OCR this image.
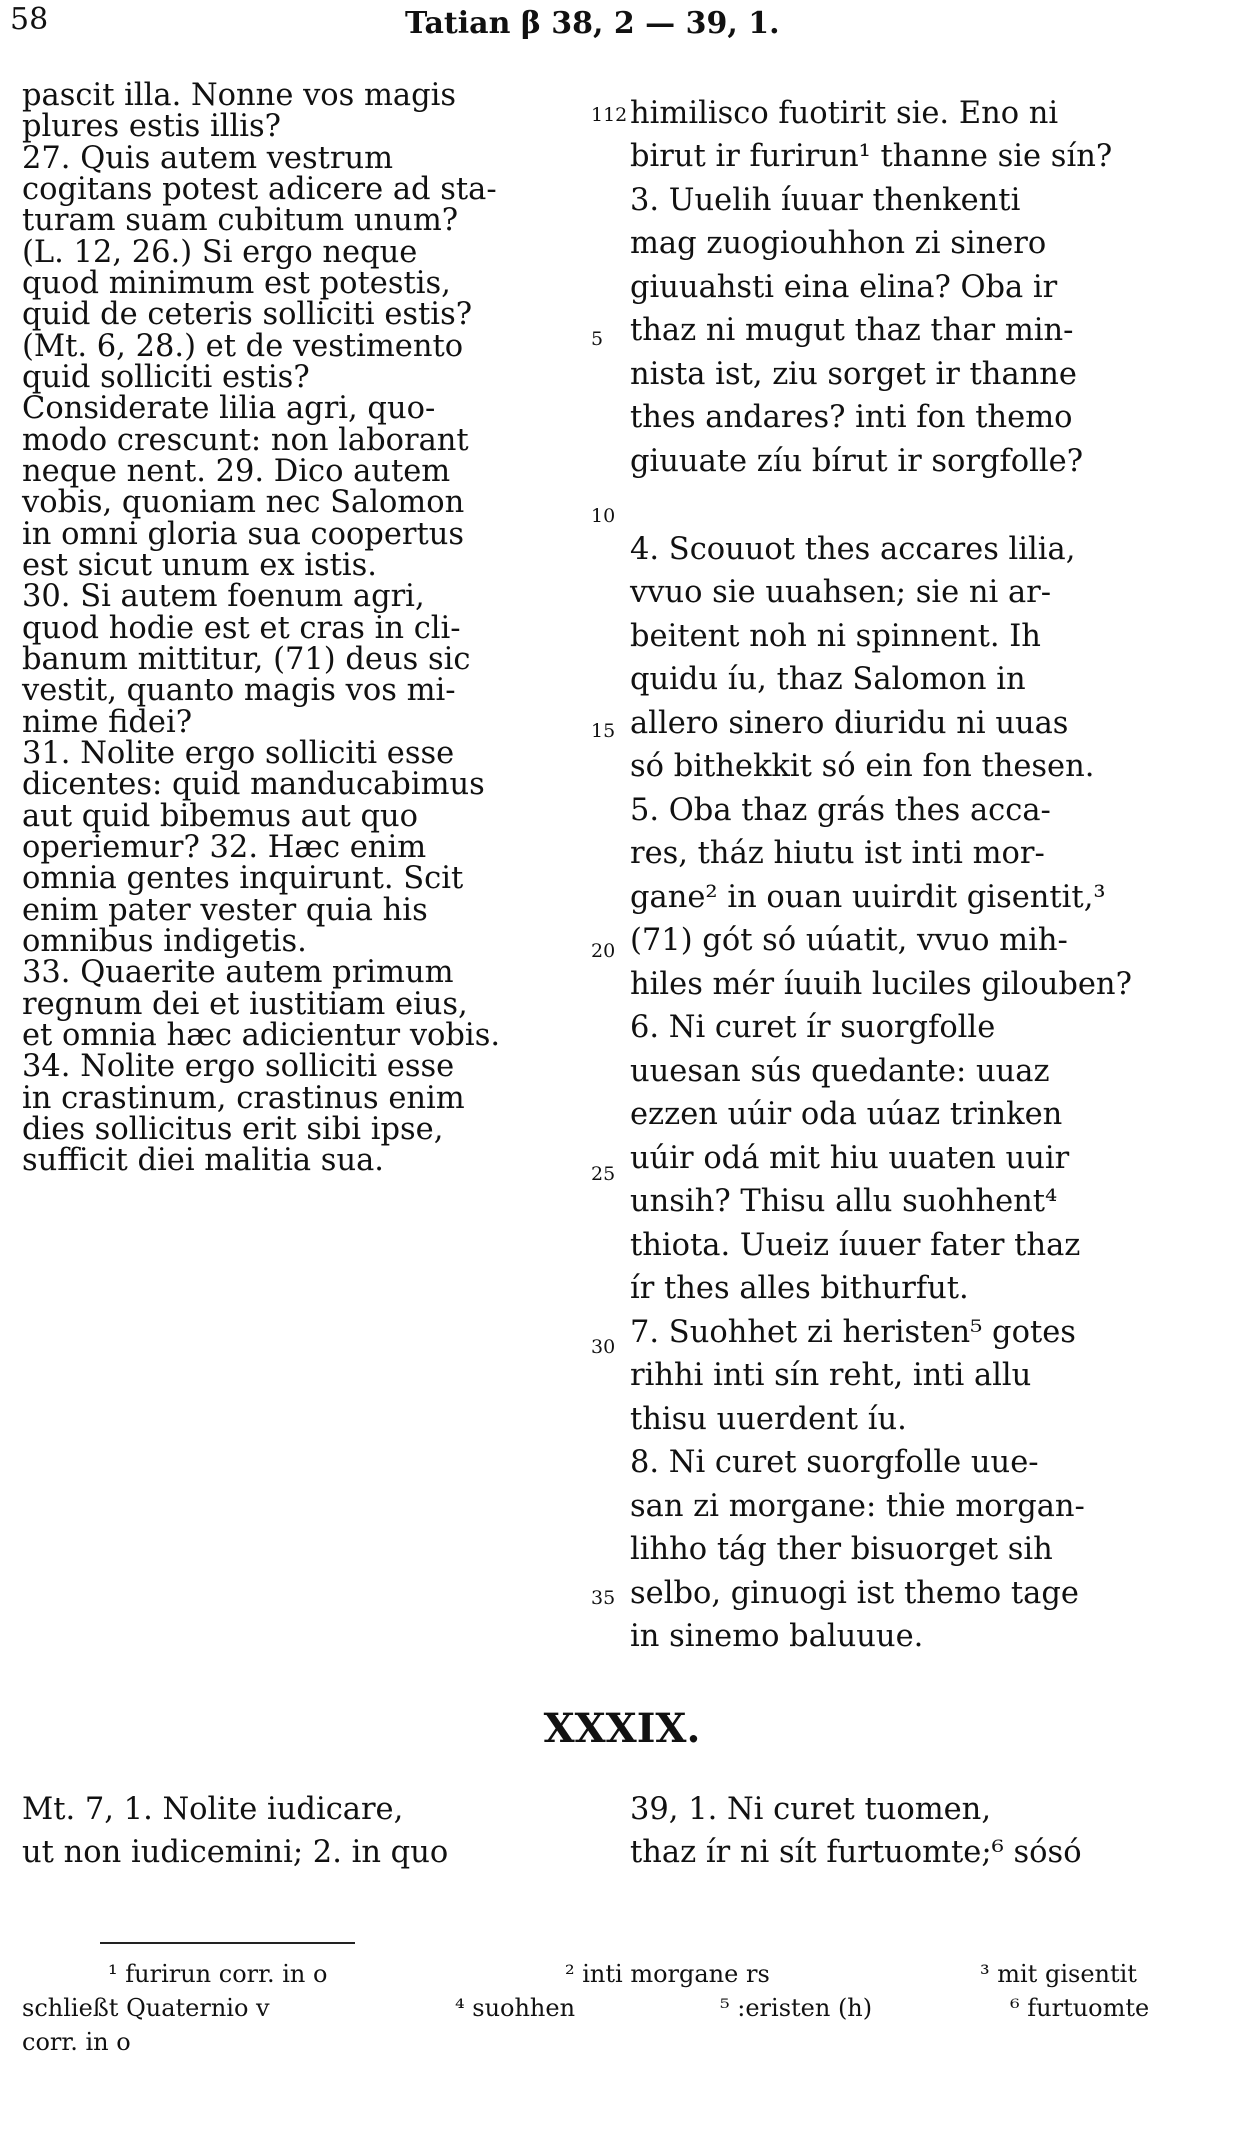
58	Tatian β 38, 2 — 39, 1.
pascit illa. Nonne vos magis
plures estis illis?
27. Quis autem vestrum
cogitans potest adicere ad sta-
turam suam cubitum unum?
(L. 12, 26.) Si ergo neque
quod minimum est potestis,
quid de ceteris solliciti estis?
(Mt. 6, 28.) et de vestimento
quid solliciti estis?
Considerate lilia agri, quo-
modo crescunt: non laborant
neque nent. 29. Dico autem
vobis, quoniam nec Salomon
in omni gloria sua coopertus
est sicut unum ex istis.
30. Si autem foenum agri,
quod hodie est et cras in cli-
banum mittitur, (71) deus sic
vestit, quanto magis vos mi-
nime fidei?
31. Nolite ergo solliciti esse
dicentes: quid manducabimus
aut quid bibemus aut quo
operiemur? 32. Hæc enim
omnia gentes inquirunt. Scit
enim pater vester quia his
omnibus indigetis.
33. Quaerite autem primum
regnum dei et iustitiam eius,
et omnia hæc adicientur vobis.
34. Nolite ergo solliciti esse
in crastinum, crastinus enim
dies sollicitus erit sibi ipse,
sufficit diei malitia sua.
112
5
10
15
20
25
30
35
himilisco fuotirit sie. Eno ni
birut ir furirun¹ thanne sie sín?
3. Uuelih íuuar thenkenti
mag zuogiouhhon zi sinero
giuuahsti eina elina? Oba ir
thaz ni mugut thaz thar min-
nista ist, ziu sorget ir thanne
thes andares? inti fon themo
giuuate zíu bírut ir sorgfolle?
4. Scouuot thes accares lilia,
vvuo sie uuahsen; sie ni ar-
beitent noh ni spinnent. Ih
quidu íu, thaz Salomon in
allero sinero diuridu ni uuas
só bithekkit só ein fon thesen.
5. Oba thaz grás thes acca-
res, tház hiutu ist inti mor-
gane² in ouan uuirdit gisentit,³
(71) gót só uúatit, vvuo mih-
hiles mér íuuih luciles gilouben?
6. Ni curet ír suorgfolle
uuesan sús quedante: uuaz
ezzen uúir oda uúaz trinken
uúir odá mit hiu uuaten uuir
unsih? Thisu allu suohhent⁴
thiota. Uueiz íuuer fater thaz
ír thes alles bithurfut.
7. Suohhet zi heristen⁵ gotes
rihhi inti sín reht, inti allu
thisu uuerdent íu.
8. Ni curet suorgfolle uue-
san zi morgane: thie morgan-
lihho tág ther bisuorget sih
selbo, ginuogi ist themo tage
in sinemo baluuue.
XXXIX.
Mt. 7, 1. Nolite iudicare,
ut non iudicemini; 2. in quo
39, 1. Ni curet tuomen,
thaz ír ni sít furtuomte;⁶ sósó
¹ furirun corr. in o	² inti morgane rs	³ mit gisentit
schließt Quaternio v	⁴ suohhen	⁵ :eristen (h)	⁶ furtuomte
corr. in o
